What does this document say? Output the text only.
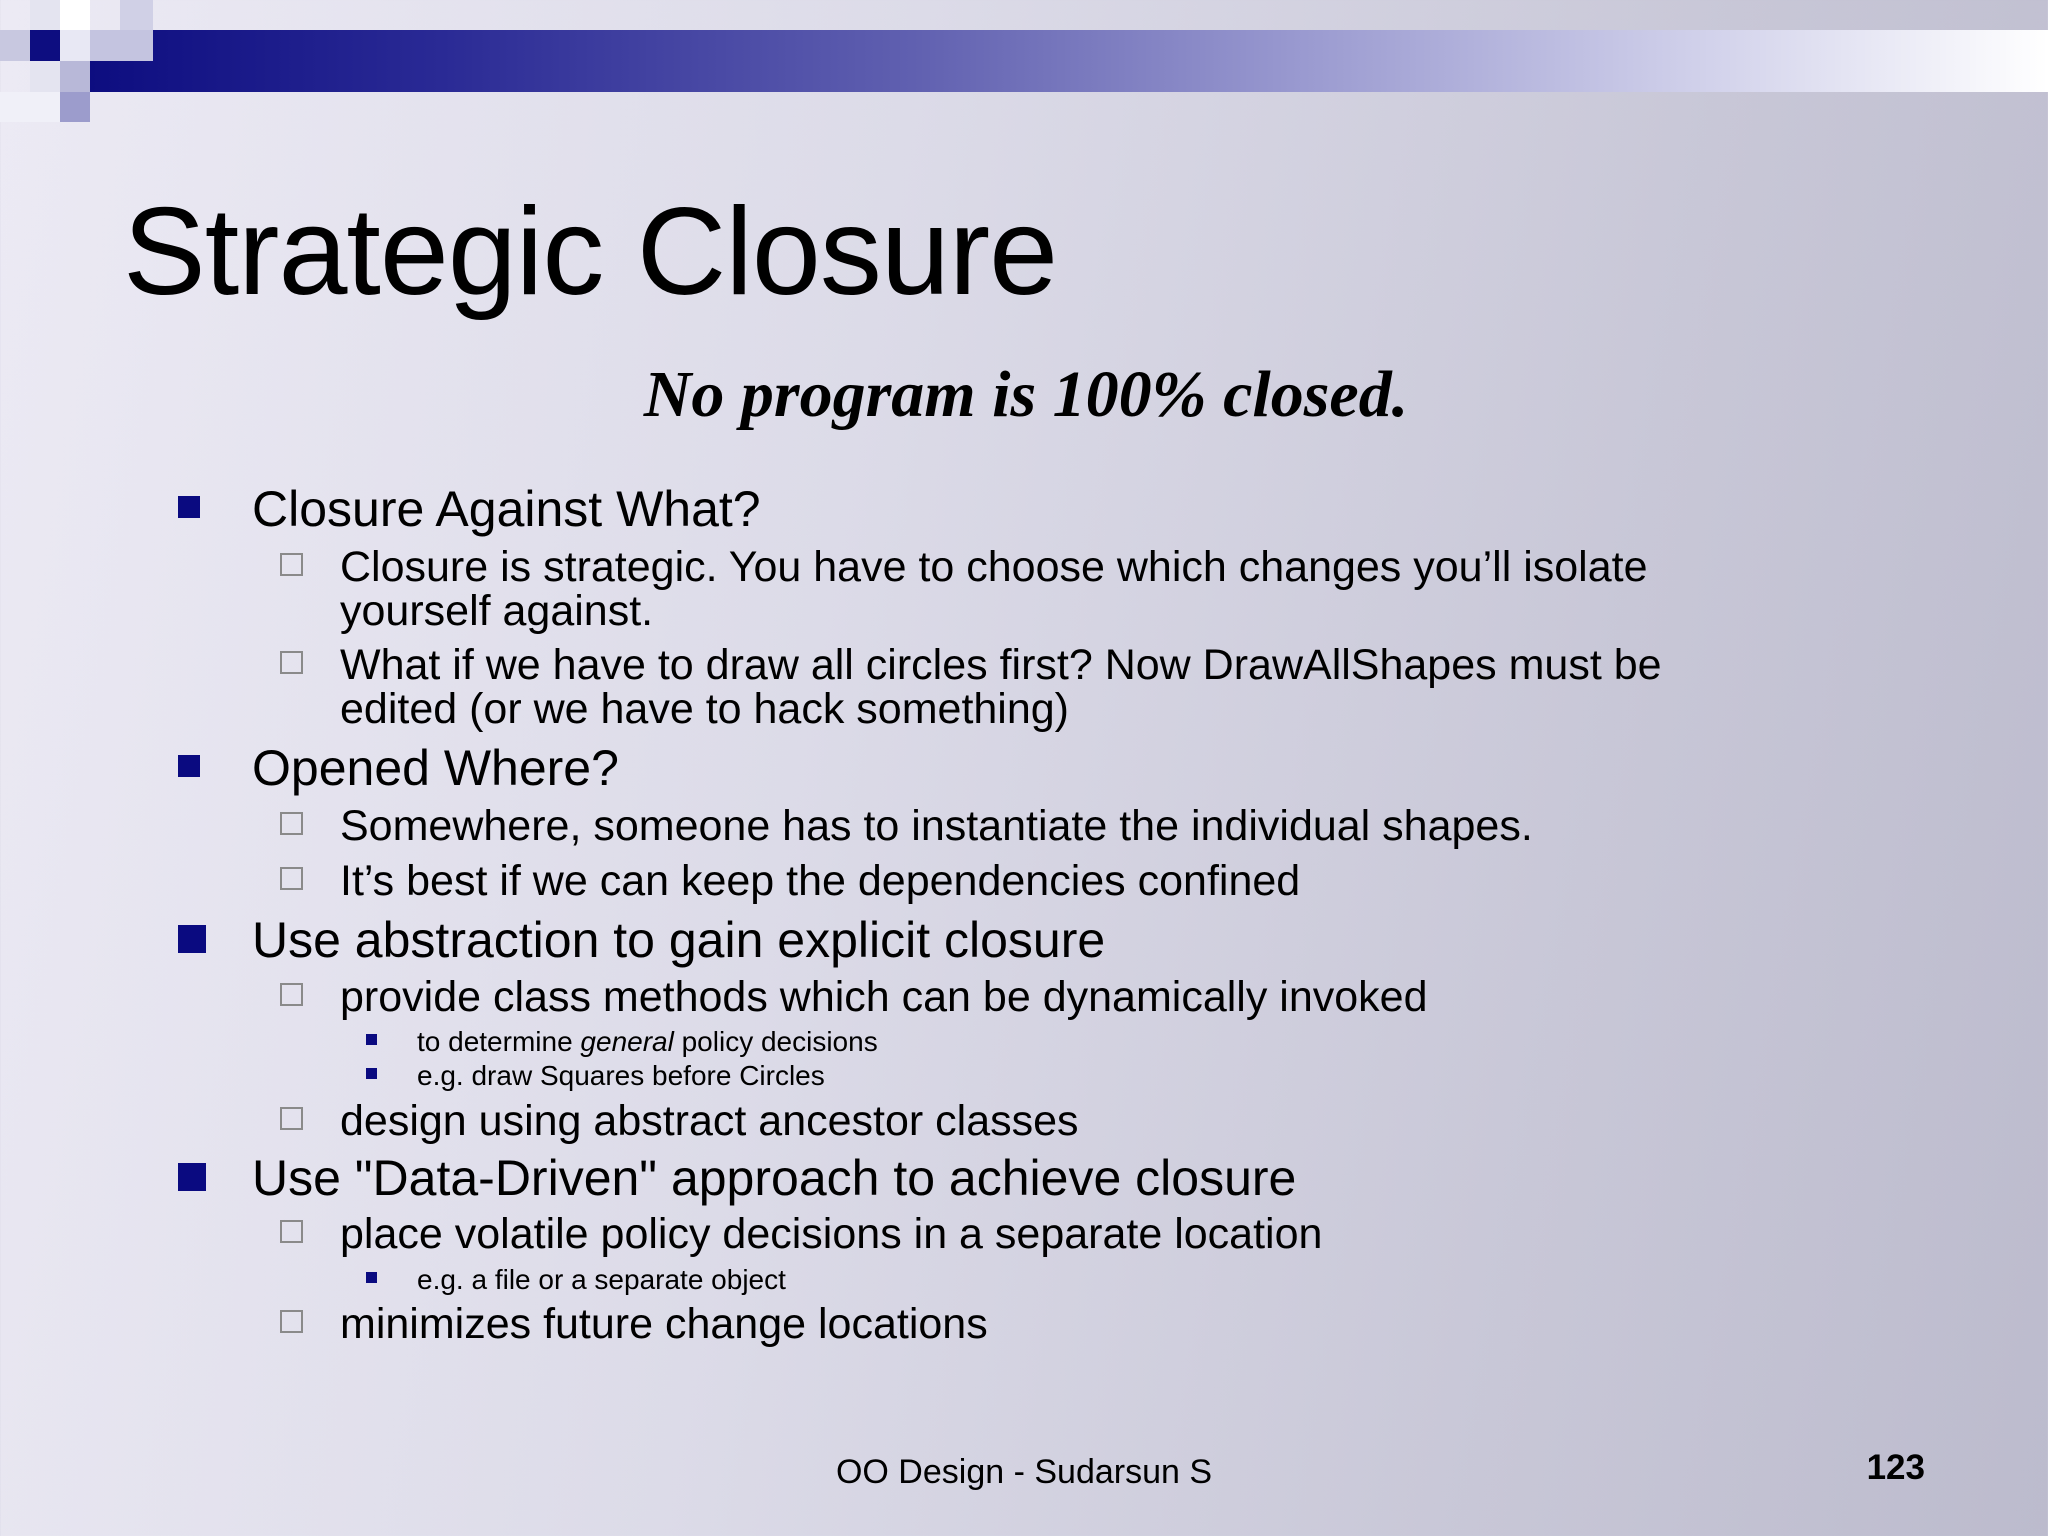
Strategic Closure
No program is 100% closed.
Closure Against What?
Closure is strategic. You have to choose which changes you’ll isolate yourself against.
What if we have to draw all circles first? Now DrawAllShapes must be edited (or we have to hack something)
Opened Where?
Somewhere, someone has to instantiate the individual shapes.
It’s best if we can keep the dependencies confined
Use abstraction to gain explicit closure
provide class methods which can be dynamically invoked
to determine general policy decisions
e.g. draw Squares before Circles
design using abstract ancestor classes
Use "Data-Driven" approach to achieve closure
place volatile policy decisions in a separate location
e.g. a file or a separate object
minimizes future change locations
OO Design - Sudarsun S	123
